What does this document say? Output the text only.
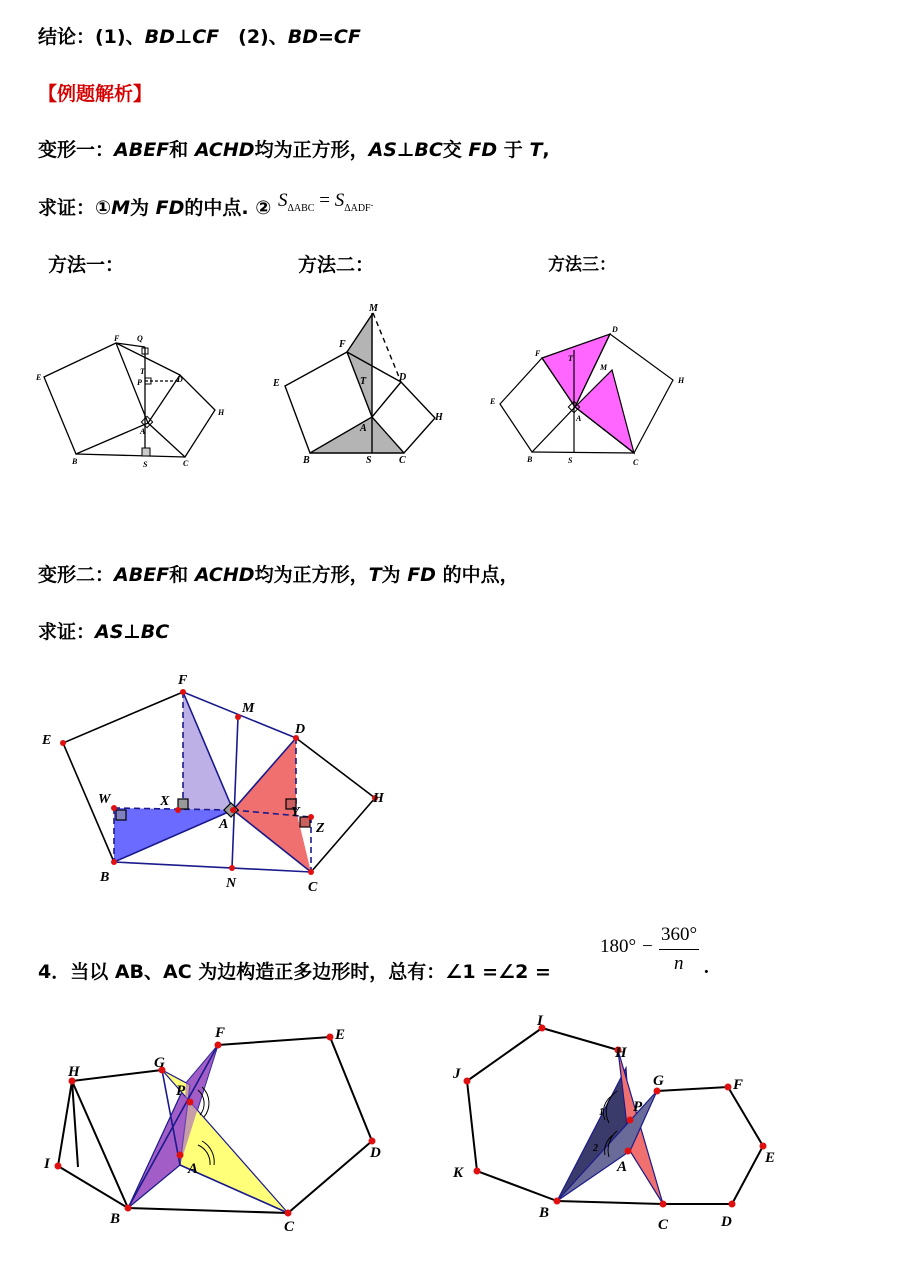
结论：(1)、BD⊥CF　(2)、BD=CF
【例题解析】
变形一：ABEF和 ACHD均为正方形，AS⊥BC交 FD 于 T,
求证：①M为 FD的中点. ② $S_{\Delta ABC} = S_{\Delta ADF}$.
方法一：	方法二：	方法三：
F Q
T
P	D
E
A
H
B	S	C
M
F
T	D
E
A
H
B	S	C
D
F
T
M
E
A
H
B	S	C
变形二：ABEF和 ACHD均为正方形，T为 FD 的中点，
求证：AS⊥BC
F
M
D
E
H
W	X
Y
A	Z
B	N	C
4．当以 AB、AC 为边构造正多边形时，总有：∠1 =∠2 =
180° −
360°
n .
F	E
H
G
P
A
I
D
B	C
I
H
G	F
J
P
E
K	A
B
C	D
1
2
